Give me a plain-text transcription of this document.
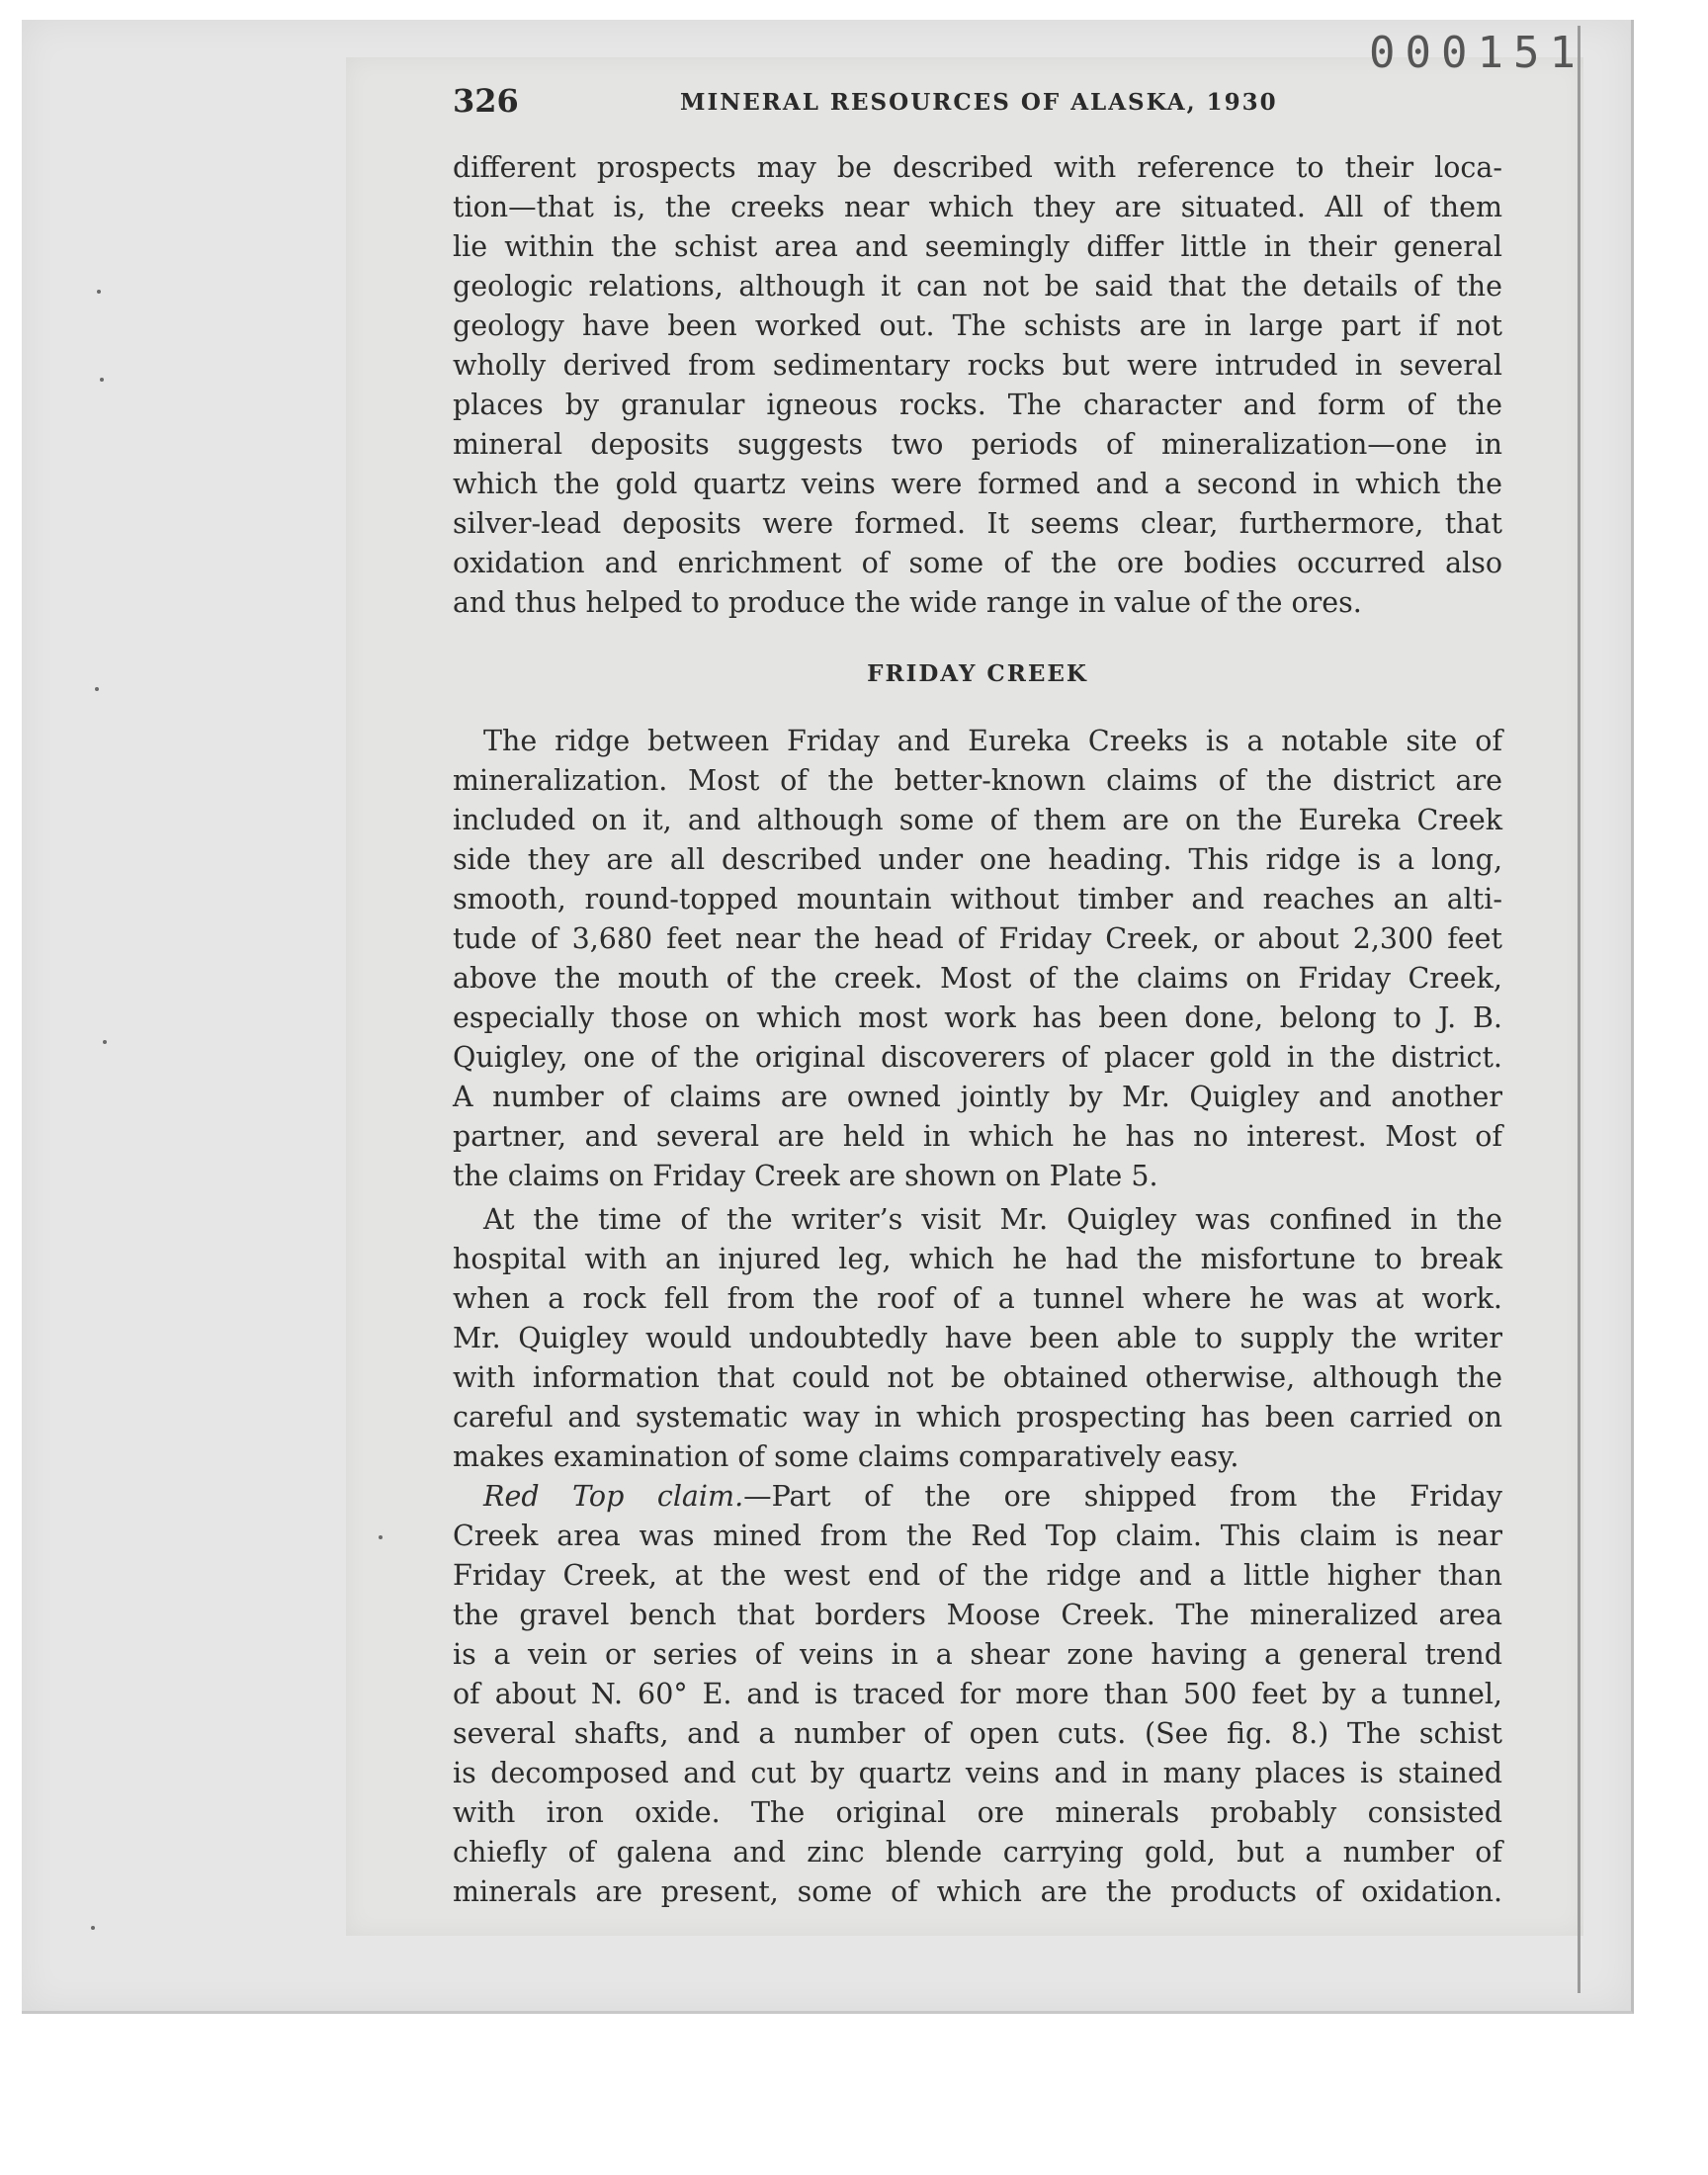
000151
326	MINERAL RESOURCES OF ALASKA, 1930
different prospects may be described with reference to their loca-
tion—that is, the creeks near which they are situated. All of them
lie within the schist area and seemingly differ little in their general
geologic relations, although it can not be said that the details of the
geology have been worked out. The schists are in large part if not
wholly derived from sedimentary rocks but were intruded in several
places by granular igneous rocks. The character and form of the
mineral deposits suggests two periods of mineralization—one in
which the gold quartz veins were formed and a second in which the
silver-lead deposits were formed. It seems clear, furthermore, that
oxidation and enrichment of some of the ore bodies occurred also
and thus helped to produce the wide range in value of the ores.
FRIDAY CREEK
The ridge between Friday and Eureka Creeks is a notable site of
mineralization. Most of the better-known claims of the district are
included on it, and although some of them are on the Eureka Creek
side they are all described under one heading. This ridge is a long,
smooth, round-topped mountain without timber and reaches an alti-
tude of 3,680 feet near the head of Friday Creek, or about 2,300 feet
above the mouth of the creek. Most of the claims on Friday Creek,
especially those on which most work has been done, belong to J. B.
Quigley, one of the original discoverers of placer gold in the district.
A number of claims are owned jointly by Mr. Quigley and another
partner, and several are held in which he has no interest. Most of
the claims on Friday Creek are shown on Plate 5.
At the time of the writer’s visit Mr. Quigley was confined in the
hospital with an injured leg, which he had the misfortune to break
when a rock fell from the roof of a tunnel where he was at work.
Mr. Quigley would undoubtedly have been able to supply the writer
with information that could not be obtained otherwise, although the
careful and systematic way in which prospecting has been carried on
makes examination of some claims comparatively easy.
Red Top claim.—Part of the ore shipped from the Friday
Creek area was mined from the Red Top claim. This claim is near
Friday Creek, at the west end of the ridge and a little higher than
the gravel bench that borders Moose Creek. The mineralized area
is a vein or series of veins in a shear zone having a general trend
of about N. 60° E. and is traced for more than 500 feet by a tunnel,
several shafts, and a number of open cuts. (See fig. 8.) The schist
is decomposed and cut by quartz veins and in many places is stained
with iron oxide. The original ore minerals probably consisted
chiefly of galena and zinc blende carrying gold, but a number of
minerals are present, some of which are the products of oxidation.
